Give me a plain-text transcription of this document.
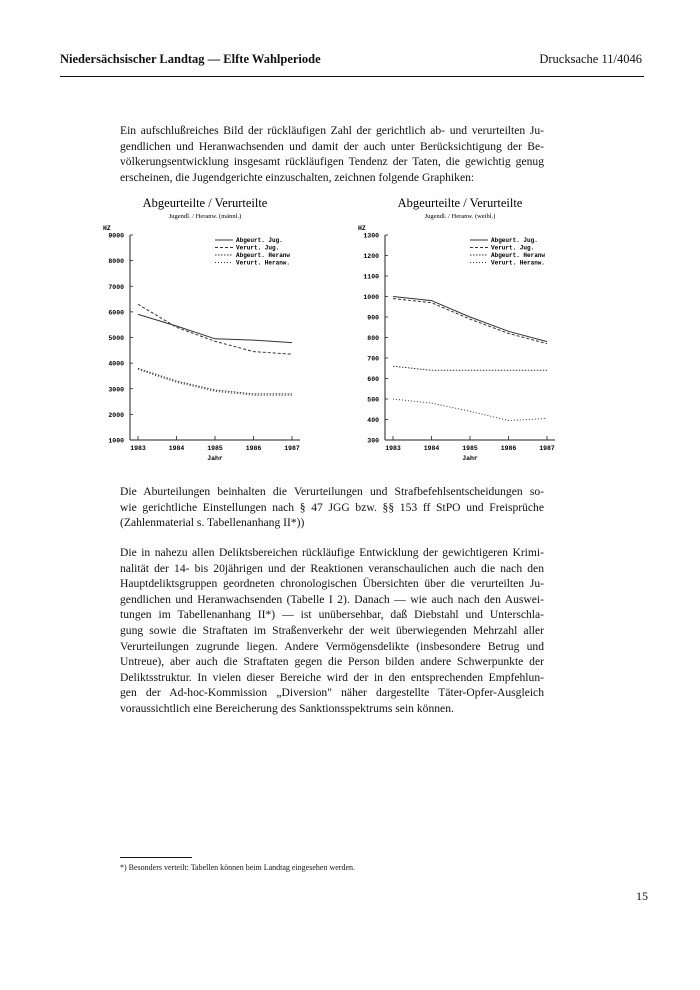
Niedersächsischer Landtag — Elfte Wahlperiode	Drucksache 11/4046

Ein aufschlußreiches Bild der rückläufigen Zahl der gerichtlich ab- und verurteilten Ju-
gendlichen und Heranwachsenden und damit der auch unter Berücksichtigung der Be-
völkerungsentwicklung insgesamt rückläufigen Tendenz der Taten, die gewichtig genug
erscheinen, die Jugendgerichte einzuschalten, zeichnen folgende Graphiken:

Abgeurteilte / Verurteilte
Jugendl. / Heranw. (männl.)
HZ
1000
2000
3000
4000
5000
6000
7000
8000
9000
1983	1984	1985	1986	1987
Jahr
Abgeurt. Jug.
Verurt. Jug.
Abgeurt. Heranw
Verurt. Heranw.
Abgeurteilte / Verurteilte
Jugendl. / Heranw. (weibl.)
HZ
300
400
500
600
700
800
900
1000
1100
1200
1300
1983	1984	1985	1986	1987
Jahr
Abgeurt. Jug.
Verurt. Jug.
Abgeurt. Heranw
Verurt. Heranw.

Die Aburteilungen beinhalten die Verurteilungen und Strafbefehlsentscheidungen so-
wie gerichtliche Einstellungen nach § 47 JGG bzw. §§ 153 ff StPO und Freisprüche
(Zahlenmaterial s. Tabellenanhang II*))

Die in nahezu allen Deliktsbereichen rückläufige Entwicklung der gewichtigeren Krimi-
nalität der 14- bis 20jährigen und der Reaktionen veranschaulichen auch die nach den
Hauptdeliktsgruppen geordneten chronologischen Übersichten über die verurteilten Ju-
gendlichen und Heranwachsenden (Tabelle I 2). Danach — wie auch nach den Auswei-
tungen im Tabellenanhang II*) — ist unübersehbar, daß Diebstahl und Unterschla-
gung sowie die Straftaten im Straßenverkehr der weit überwiegenden Mehrzahl aller
Verurteilungen zugrunde liegen. Andere Vermögensdelikte (insbesondere Betrug und
Untreue), aber auch die Straftaten gegen die Person bilden andere Schwerpunkte der
Deliktsstruktur. In vielen dieser Bereiche wird der in den entsprechenden Empfehlun-
gen der Ad-hoc-Kommission „Diversion" näher dargestellte Täter-Opfer-Ausgleich
voraussichtlich eine Bereicherung des Sanktionsspektrums sein können.

*) Besonders verteilt: Tabellen können beim Landtag eingesehen werden.
15
